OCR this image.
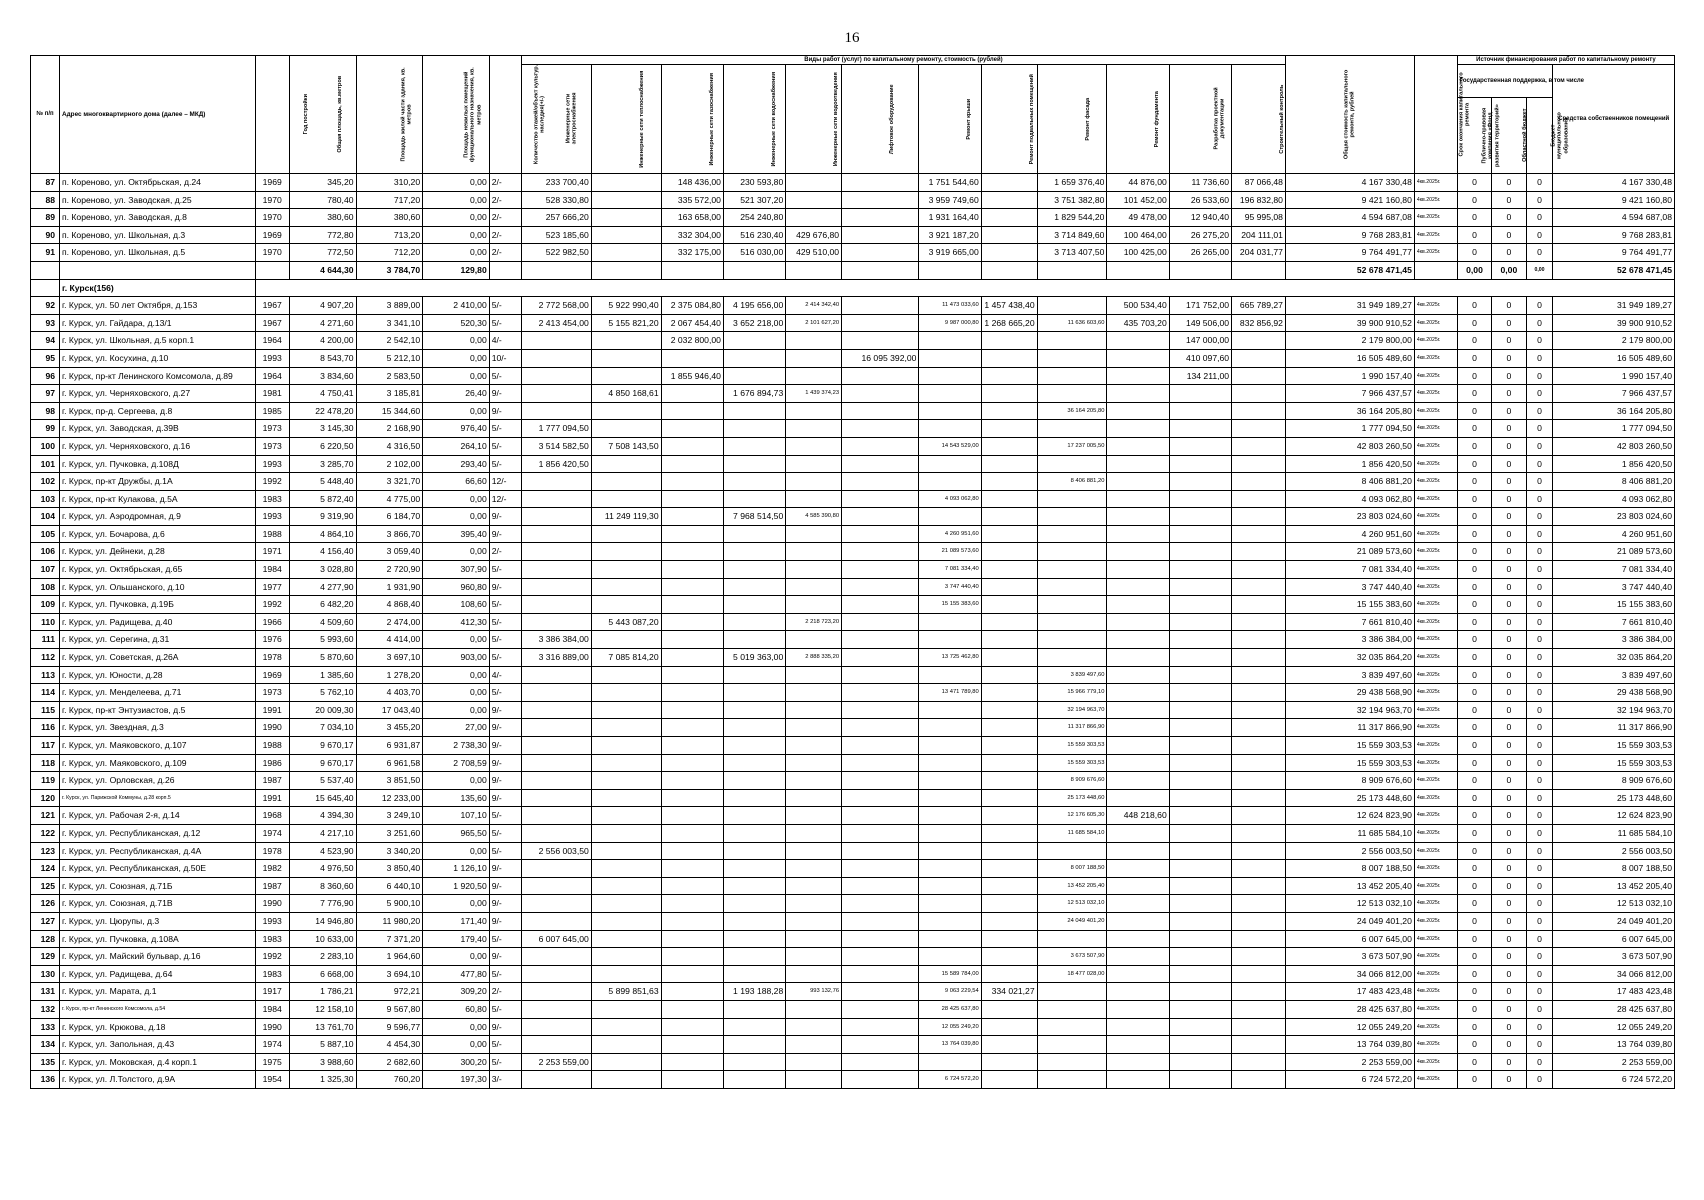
16
№ п/п	Адрес многоквартирного дома (далее – МКД)	Год постройки	Общая площадь, кв.метров	Площадь жилой части здания, кв. метров	Площадь нежилых помещений функционального назначения, кв. метров	Количество этажей/объект культур. наследия(+/-)	Виды работ (услуг) по капитальному ремонту, стоимость (рублей)												Общая стоимость капитального ремонта, рублей	Срок окончания капитального ремонта	Источник финансирования работ по капитальному ремонту			
							Инженерные сети электроснабжения	Инженерные сети теплоснабжения	Инженерные сети газоснабжения	Инженерные сети водоснабжения	Инженерные сети водоотведения	Лифтовое оборудование	Ремонт крыши	Ремонт подвальных помещений	Ремонт фасада	Ремонт фундамента	Разработка проектной документации	Строительный контроль			Государственная поддержка, в том числе			Средства собственников помещений
																					Публично-правовая компания «Фонд развития территорий»	Областной бюджет	Бюджет муниципального образования	
87	п. Кореново, ул. Октябрьская, д.24	1969	345,20	310,20	0,00	2/-	233 700,40		148 436,00	230 593,80			1 751 544,60		1 659 376,40	44 876,00	11 736,60	87 066,48	4 167 330,48	4кв.2025г.	0	0	0	4 167 330,48
88	п. Кореново, ул. Заводская, д.25	1970	780,40	717,20	0,00	2/-	528 330,80		335 572,00	521 307,20			3 959 749,60		3 751 382,80	101 452,00	26 533,60	196 832,80	9 421 160,80	4кв.2025г.	0	0	0	9 421 160,80
89	п. Кореново, ул. Заводская, д.8	1970	380,60	380,60	0,00	2/-	257 666,20		163 658,00	254 240,80			1 931 164,40		1 829 544,20	49 478,00	12 940,40	95 995,08	4 594 687,08	4кв.2025г.	0	0	0	4 594 687,08
90	п. Кореново, ул. Школьная, д.3	1969	772,80	713,20	0,00	2/-	523 185,60		332 304,00	516 230,40	429 676,80		3 921 187,20		3 714 849,60	100 464,00	26 275,20	204 111,01	9 768 283,81	4кв.2025г.	0	0	0	9 768 283,81
91	п. Кореново, ул. Школьная, д.5	1970	772,50	712,20	0,00	2/-	522 982,50		332 175,00	516 030,00	429 510,00		3 919 665,00		3 713 407,50	100 425,00	26 265,00	204 031,77	9 764 491,77	4кв.2025г.	0	0	0	9 764 491,77
			4 644,30	3 784,70	129,80														52 678 471,45		0,00	0,00	0,00	52 678 471,45
	г. Курск(156)																							
92	г. Курск, ул. 50 лет Октября, д.153	1967	4 907,20	3 889,00	2 410,00	5/-	2 772 568,00	5 922 990,40	2 375 084,80	4 195 656,00	2 414 342,40		11 473 033,60	1 457 438,40		500 534,40	171 752,00	665 789,27	31 949 189,27	4кв.2025г.	0	0	0	31 949 189,27
93	г. Курск, ул. Гайдара, д.13/1	1967	4 271,60	3 341,10	520,30	5/-	2 413 454,00	5 155 821,20	2 067 454,40	3 652 218,00	2 101 627,20		9 987 000,80	1 268 665,20	11 636 603,60	435 703,20	149 506,00	832 856,92	39 900 910,52	4кв.2025г.	0	0	0	39 900 910,52
94	г. Курск, ул. Школьная, д.5 корп.1	1964	4 200,00	2 542,10	0,00	4/-			2 032 800,00								147 000,00		2 179 800,00	4кв.2025г.	0	0	0	2 179 800,00
95	г. Курск, ул. Косухина, д.10	1993	8 543,70	5 212,10	0,00	10/-						16 095 392,00					410 097,60		16 505 489,60	4кв.2025г.	0	0	0	16 505 489,60
96	г. Курск, пр-кт Ленинского Комсомола, д.89	1964	3 834,60	2 583,50	0,00	5/-			1 855 946,40								134 211,00		1 990 157,40	4кв.2025г.	0	0	0	1 990 157,40
97	г. Курск, ул. Черняховского, д.27	1981	4 750,41	3 185,81	26,40	9/-		4 850 168,61		1 676 894,73	1 439 374,23								7 966 437,57	4кв.2025г.	0	0	0	7 966 437,57
98	г. Курск, пр-д. Сергеева, д.8	1985	22 478,20	15 344,60	0,00	9/-									36 164 205,80				36 164 205,80	4кв.2025г.	0	0	0	36 164 205,80
99	г. Курск, ул. Заводская, д.39В	1973	3 145,30	2 168,90	976,40	5/-	1 777 094,50												1 777 094,50	4кв.2025г.	0	0	0	1 777 094,50
100	г. Курск, ул. Черняховского, д.16	1973	6 220,50	4 316,50	264,10	5/-	3 514 582,50	7 508 143,50					14 543 529,00		17 237 005,50				42 803 260,50	4кв.2025г.	0	0	0	42 803 260,50
101	г. Курск, ул. Пучковка, д.108Д	1993	3 285,70	2 102,00	293,40	5/-	1 856 420,50												1 856 420,50	4кв.2025г.	0	0	0	1 856 420,50
102	г. Курск, пр-кт Дружбы, д.1А	1992	5 448,40	3 321,70	66,60	12/-									8 406 881,20				8 406 881,20	4кв.2025г.	0	0	0	8 406 881,20
103	г. Курск, пр-кт Кулакова, д.5А	1983	5 872,40	4 775,00	0,00	12/-							4 093 062,80						4 093 062,80	4кв.2025г.	0	0	0	4 093 062,80
104	г. Курск, ул. Аэродромная, д.9	1993	9 319,90	6 184,70	0,00	9/-		11 249 119,30		7 968 514,50	4 585 390,80								23 803 024,60	4кв.2025г.	0	0	0	23 803 024,60
105	г. Курск, ул. Бочарова, д.6	1988	4 864,10	3 866,70	395,40	9/-							4 260 951,60						4 260 951,60	4кв.2025г.	0	0	0	4 260 951,60
106	г. Курск, ул. Дейнеки, д.28	1971	4 156,40	3 059,40	0,00	2/-							21 089 573,60						21 089 573,60	4кв.2025г.	0	0	0	21 089 573,60
107	г. Курск, ул. Октябрьская, д.65	1984	3 028,80	2 720,90	307,90	5/-							7 081 334,40						7 081 334,40	4кв.2025г.	0	0	0	7 081 334,40
108	г. Курск, ул. Ольшанского, д.10	1977	4 277,90	1 931,90	960,80	9/-							3 747 440,40						3 747 440,40	4кв.2025г.	0	0	0	3 747 440,40
109	г. Курск, ул. Пучковка, д.19Б	1992	6 482,20	4 868,40	108,60	5/-							15 155 383,60						15 155 383,60	4кв.2025г.	0	0	0	15 155 383,60
110	г. Курск, ул. Радищева, д.40	1966	4 509,60	2 474,00	412,30	5/-		5 443 087,20			2 218 723,20								7 661 810,40	4кв.2025г.	0	0	0	7 661 810,40
111	г. Курск, ул. Серегина, д.31	1976	5 993,60	4 414,00	0,00	5/-	3 386 384,00												3 386 384,00	4кв.2025г.	0	0	0	3 386 384,00
112	г. Курск, ул. Советская, д.26А	1978	5 870,60	3 697,10	903,00	5/-	3 316 889,00	7 085 814,20		5 019 363,00	2 888 335,20		13 725 462,80						32 035 864,20	4кв.2025г.	0	0	0	32 035 864,20
113	г. Курск, ул. Юности, д.28	1969	1 385,60	1 278,20	0,00	4/-									3 839 497,60				3 839 497,60	4кв.2025г.	0	0	0	3 839 497,60
114	г. Курск, ул. Менделеева, д.71	1973	5 762,10	4 403,70	0,00	5/-							13 471 789,80		15 966 779,10				29 438 568,90	4кв.2025г.	0	0	0	29 438 568,90
115	г. Курск, пр-кт Энтузиастов, д.5	1991	20 009,30	17 043,40	0,00	9/-									32 194 963,70				32 194 963,70	4кв.2025г.	0	0	0	32 194 963,70
116	г. Курск, ул. Звездная, д.3	1990	7 034,10	3 455,20	27,00	9/-									11 317 866,90				11 317 866,90	4кв.2025г.	0	0	0	11 317 866,90
117	г. Курск, ул. Маяковского, д.107	1988	9 670,17	6 931,87	2 738,30	9/-									15 559 303,53				15 559 303,53	4кв.2025г.	0	0	0	15 559 303,53
118	г. Курск, ул. Маяковского, д.109	1986	9 670,17	6 961,58	2 708,59	9/-									15 559 303,53				15 559 303,53	4кв.2025г.	0	0	0	15 559 303,53
119	г. Курск, ул. Орловская, д.26	1987	5 537,40	3 851,50	0,00	9/-									8 909 676,60				8 909 676,60	4кв.2025г.	0	0	0	8 909 676,60
120	г. Курск, ул. Парижской Коммуны, д.28 корп.5	1991	15 645,40	12 233,00	135,60	9/-									25 173 448,60				25 173 448,60	4кв.2025г.	0	0	0	25 173 448,60
121	г. Курск, ул. Рабочая 2-я, д.14	1968	4 394,30	3 249,10	107,10	5/-									12 176 605,30	448 218,60			12 624 823,90	4кв.2025г.	0	0	0	12 624 823,90
122	г. Курск, ул. Республиканская, д.12	1974	4 217,10	3 251,60	965,50	5/-									11 685 584,10				11 685 584,10	4кв.2025г.	0	0	0	11 685 584,10
123	г. Курск, ул. Республиканская, д.4А	1978	4 523,90	3 340,20	0,00	5/-	2 556 003,50												2 556 003,50	4кв.2025г.	0	0	0	2 556 003,50
124	г. Курск, ул. Республиканская, д.50Е	1982	4 976,50	3 850,40	1 126,10	9/-									8 007 188,50				8 007 188,50	4кв.2025г.	0	0	0	8 007 188,50
125	г. Курск, ул. Союзная, д.71Б	1987	8 360,60	6 440,10	1 920,50	9/-									13 452 205,40				13 452 205,40	4кв.2025г.	0	0	0	13 452 205,40
126	г. Курск, ул. Союзная, д.71В	1990	7 776,90	5 900,10	0,00	9/-									12 513 032,10				12 513 032,10	4кв.2025г.	0	0	0	12 513 032,10
127	г. Курск, ул. Цюрупы, д.3	1993	14 946,80	11 980,20	171,40	9/-									24 049 401,20				24 049 401,20	4кв.2025г.	0	0	0	24 049 401,20
128	г. Курск, ул. Пучковка, д.108А	1983	10 633,00	7 371,20	179,40	5/-	6 007 645,00												6 007 645,00	4кв.2025г.	0	0	0	6 007 645,00
129	г. Курск, ул. Майский бульвар, д.16	1992	2 283,10	1 964,60	0,00	9/-									3 673 507,90				3 673 507,90	4кв.2025г.	0	0	0	3 673 507,90
130	г. Курск, ул. Радищева, д.64	1983	6 668,00	3 694,10	477,80	5/-							15 589 784,00		18 477 028,00				34 066 812,00	4кв.2025г.	0	0	0	34 066 812,00
131	г. Курск, ул. Марата, д.1	1917	1 786,21	972,21	309,20	2/-		5 899 851,63		1 193 188,28	993 132,76		9 063 229,54	334 021,27					17 483 423,48	4кв.2025г.	0	0	0	17 483 423,48
132	г. Курск, пр-кт Ленинского Комсомола, д.54	1984	12 158,10	9 567,80	60,80	5/-							28 425 637,80						28 425 637,80	4кв.2025г.	0	0	0	28 425 637,80
133	г. Курск, ул. Крюкова, д.18	1990	13 761,70	9 596,77	0,00	9/-							12 055 249,20						12 055 249,20	4кв.2025г.	0	0	0	12 055 249,20
134	г. Курск, ул. Запольная, д.43	1974	5 887,10	4 454,30	0,00	5/-							13 764 039,80						13 764 039,80	4кв.2025г.	0	0	0	13 764 039,80
135	г. Курск, ул. Моковская, д.4 корп.1	1975	3 988,60	2 682,60	300,20	5/-	2 253 559,00												2 253 559,00	4кв.2025г.	0	0	0	2 253 559,00
136	г. Курск, ул. Л.Толстого, д.9А	1954	1 325,30	760,20	197,30	3/-							6 724 572,20						6 724 572,20	4кв.2025г.	0	0	0	6 724 572,20
